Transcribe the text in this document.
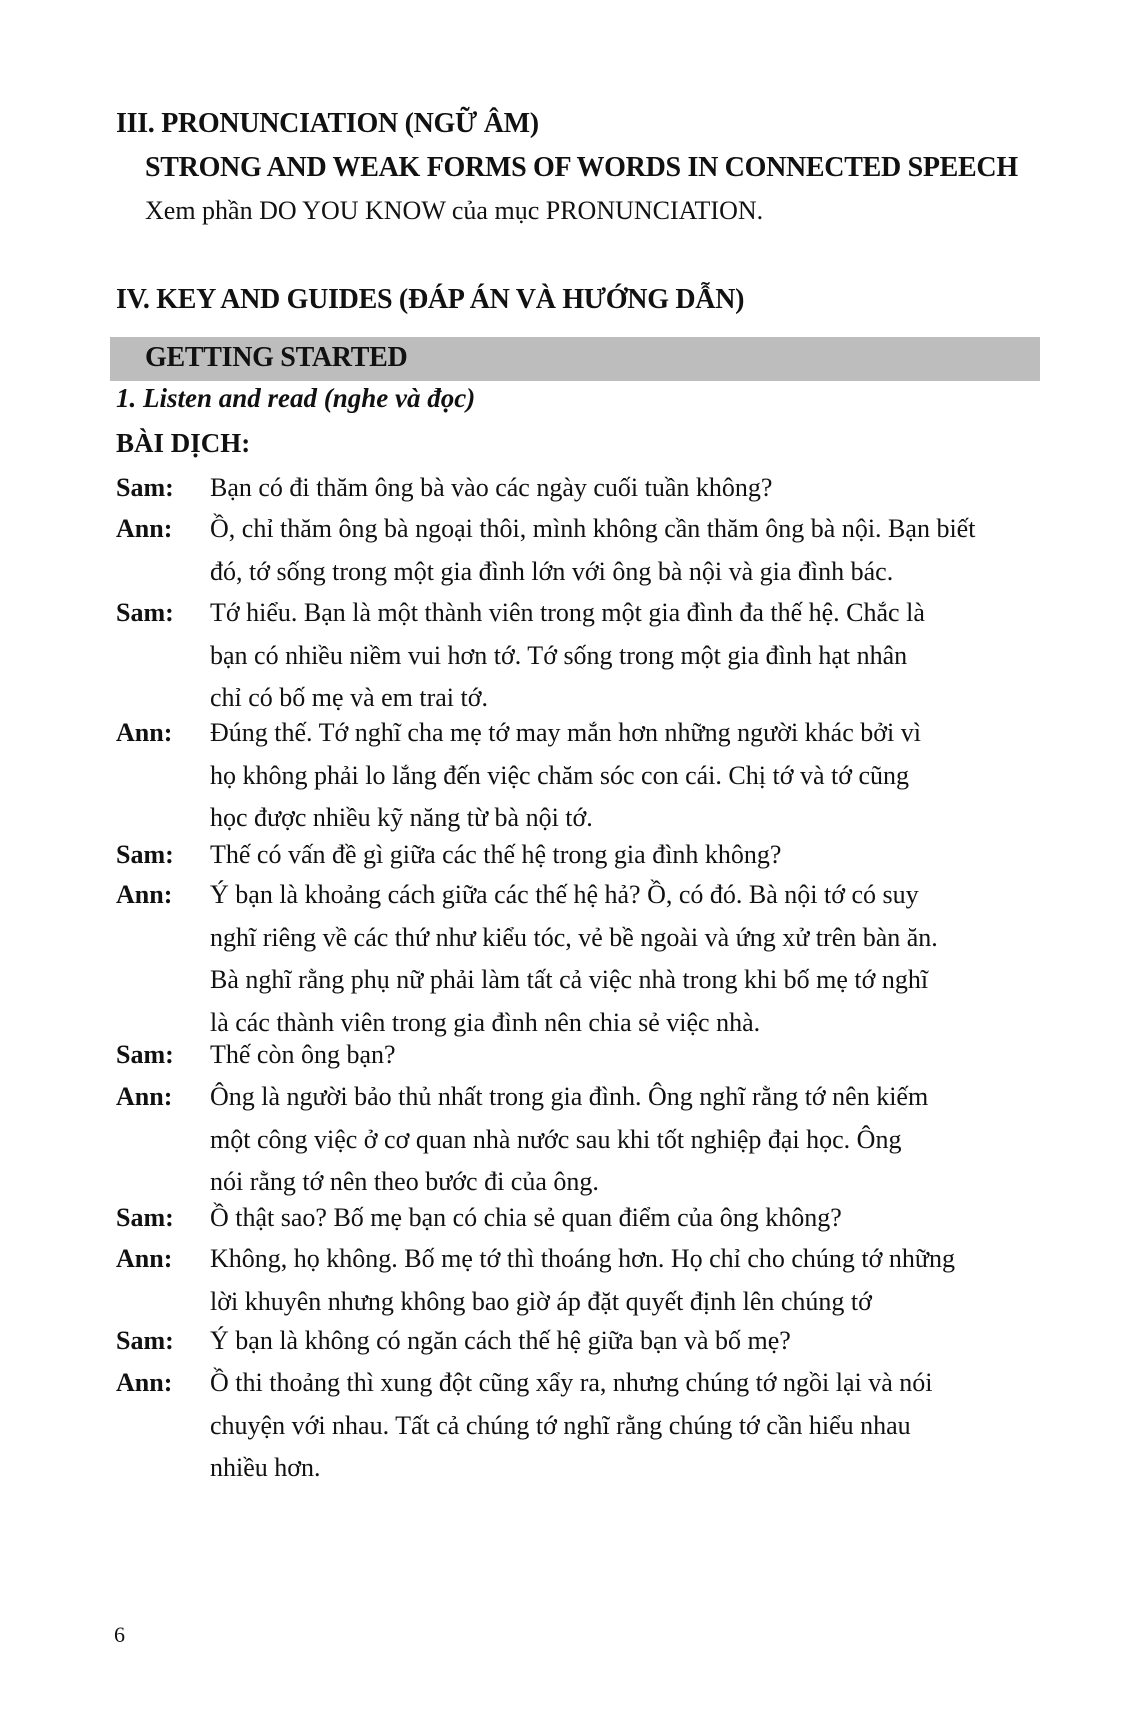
III. PRONUNCIATION (NGỮ ÂM)
STRONG AND WEAK FORMS OF WORDS IN CONNECTED SPEECH
Xem phần DO YOU KNOW của mục PRONUNCIATION.
IV. KEY AND GUIDES (ĐÁP ÁN VÀ HƯỚNG DẪN)
GETTING STARTED
1. Listen and read (nghe và đọc)
BÀI DỊCH:
Sam: Bạn có đi thăm ông bà vào các ngày cuối tuần không?
Ann: Ồ, chỉ thăm ông bà ngoại thôi, mình không cần thăm ông bà nội. Bạn biết
đó, tớ sống trong một gia đình lớn với ông bà nội và gia đình bác.
Sam: Tớ hiểu. Bạn là một thành viên trong một gia đình đa thế hệ. Chắc là
bạn có nhiều niềm vui hơn tớ. Tớ sống trong một gia đình hạt nhân
chỉ có bố mẹ và em trai tớ.
Ann: Đúng thế. Tớ nghĩ cha mẹ tớ may mắn hơn những người khác bởi vì
họ không phải lo lắng đến việc chăm sóc con cái. Chị tớ và tớ cũng
học được nhiều kỹ năng từ bà nội tớ.
Sam: Thế có vấn đề gì giữa các thế hệ trong gia đình không?
Ann: Ý bạn là khoảng cách giữa các thế hệ hả? Ồ, có đó. Bà nội tớ có suy
nghĩ riêng về các thứ như kiểu tóc, vẻ bề ngoài và ứng xử trên bàn ăn.
Bà nghĩ rằng phụ nữ phải làm tất cả việc nhà trong khi bố mẹ tớ nghĩ
là các thành viên trong gia đình nên chia sẻ việc nhà.
Sam: Thế còn ông bạn?
Ann: Ông là người bảo thủ nhất trong gia đình. Ông nghĩ rằng tớ nên kiếm
một công việc ở cơ quan nhà nước sau khi tốt nghiệp đại học. Ông
nói rằng tớ nên theo bước đi của ông.
Sam: Ồ thật sao? Bố mẹ bạn có chia sẻ quan điểm của ông không?
Ann: Không, họ không. Bố mẹ tớ thì thoáng hơn. Họ chỉ cho chúng tớ những
lời khuyên nhưng không bao giờ áp đặt quyết định lên chúng tớ
Sam: Ý bạn là không có ngăn cách thế hệ giữa bạn và bố mẹ?
Ann: Ồ thi thoảng thì xung đột cũng xẩy ra, nhưng chúng tớ ngồi lại và nói
chuyện với nhau. Tất cả chúng tớ nghĩ rằng chúng tớ cần hiểu nhau
nhiều hơn.
6
